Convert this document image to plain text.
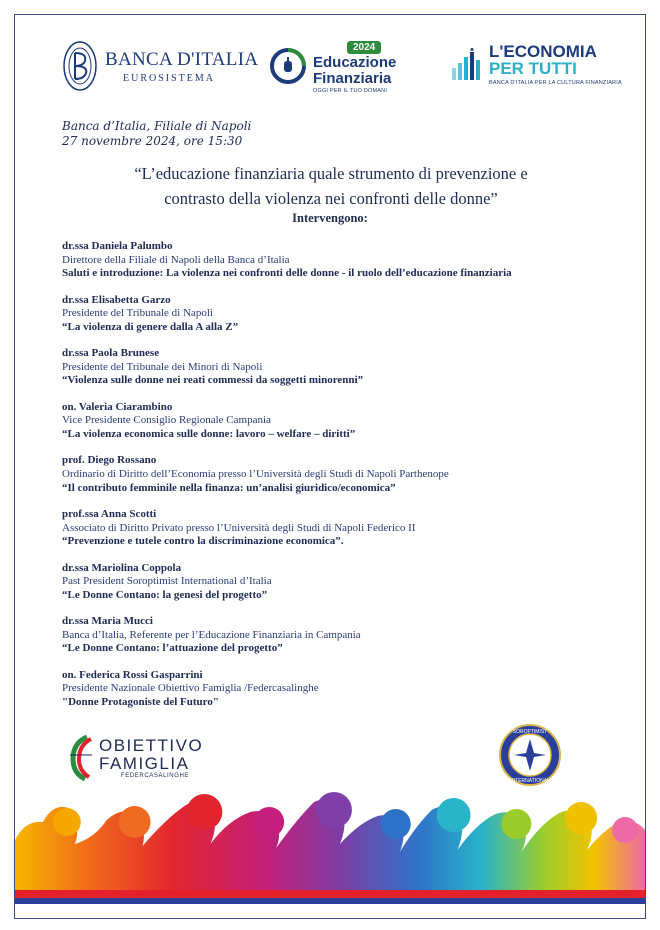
BANCA D'ITALIA
EUROSISTEMA
2024
Educazione
Finanziaria
OGGI PER IL TUO DOMANI
L'ECONOMIA
PER TUTTI
BANCA D'ITALIA PER LA CULTURA FINANZIARIA
Banca d’Italia, Filiale di Napoli
27 novembre 2024, ore 15:30
“L’educazione finanziaria quale strumento di prevenzione e
contrasto della violenza nei confronti delle donne”
Intervengono:
dr.ssa Daniela Palumbo
Direttore della Filiale di Napoli della Banca d’Italia
Saluti e introduzione: La violenza nei confronti delle donne - il ruolo dell’educazione finanziaria
dr.ssa Elisabetta Garzo
Presidente del Tribunale di Napoli
“La violenza di genere dalla A alla Z”
dr.ssa Paola Brunese
Presidente del Tribunale dei Minori di Napoli
“Violenza sulle donne nei reati commessi da soggetti minorenni”
on. Valeria Ciarambino
Vice Presidente Consiglio Regionale Campania
“La violenza economica sulle donne: lavoro – welfare – diritti”
prof. Diego Rossano
Ordinario di Diritto dell’Economia presso l’Università degli Studi di Napoli Parthenope
“Il contributo femminile nella finanza: un’analisi giuridico/economica”
prof.ssa Anna Scotti
Associato di Diritto Privato presso l’Università degli Studi di Napoli Federico II
“Prevenzione e tutele contro la discriminazione economica”.
dr.ssa Mariolina Coppola
Past President Soroptimist International d’Italia
“Le Donne Contano: la genesi del progetto”
dr.ssa Maria Mucci
Banca d’Italia, Referente per l’Educazione Finanziaria in Campania
“Le Donne Contano: l’attuazione del progetto”
on. Federica Rossi Gasparrini
Presidente Nazionale Obiettivo Famiglia /Federcasalinghe
"Donne Protagoniste del Futuro"
OBIETTIVO
FAMIGLIA
FEDERCASALINGHE
SOROPTIMIST
INTERNATIONAL
